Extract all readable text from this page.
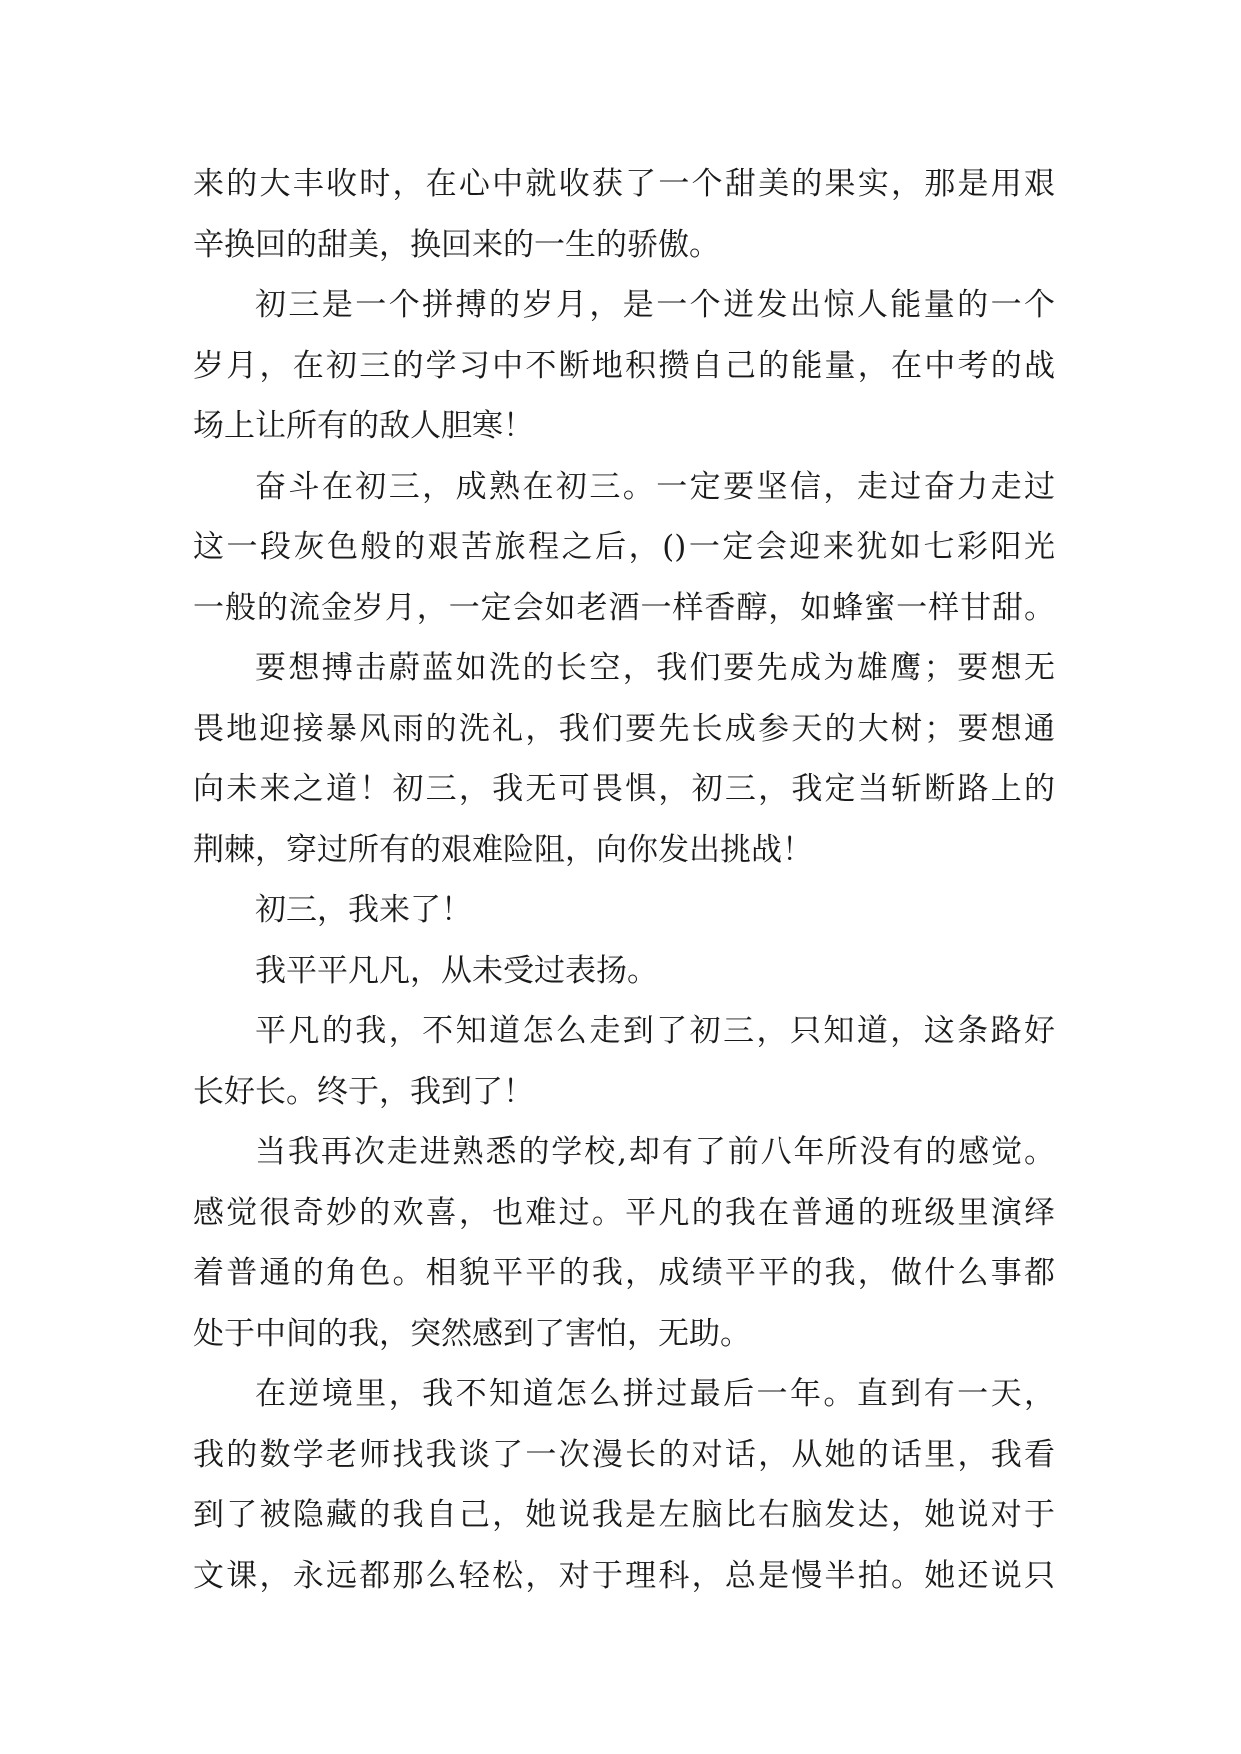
来的大丰收时，在心中就收获了一个甜美的果实，那是用艰
辛换回的甜美，换回来的一生的骄傲。
初三是一个拼搏的岁月，是一个迸发出惊人能量的一个
岁月，在初三的学习中不断地积攒自己的能量，在中考的战
场上让所有的敌人胆寒！
奋斗在初三，成熟在初三。一定要坚信，走过奋力走过
这一段灰色般的艰苦旅程之后，()一定会迎来犹如七彩阳光
一般的流金岁月，一定会如老酒一样香醇，如蜂蜜一样甘甜。
要想搏击蔚蓝如洗的长空，我们要先成为雄鹰；要想无
畏地迎接暴风雨的洗礼，我们要先长成参天的大树；要想通
向未来之道！初三，我无可畏惧，初三，我定当斩断路上的
荆棘，穿过所有的艰难险阻，向你发出挑战！
初三，我来了！
我平平凡凡，从未受过表扬。
平凡的我，不知道怎么走到了初三，只知道，这条路好
长好长。终于，我到了！
当我再次走进熟悉的学校,却有了前八年所没有的感觉。
感觉很奇妙的欢喜，也难过。平凡的我在普通的班级里演绎
着普通的角色。相貌平平的我，成绩平平的我，做什么事都
处于中间的我，突然感到了害怕，无助。
在逆境里，我不知道怎么拼过最后一年。直到有一天，
我的数学老师找我谈了一次漫长的对话，从她的话里，我看
到了被隐藏的我自己，她说我是左脑比右脑发达，她说对于
文课，永远都那么轻松，对于理科，总是慢半拍。她还说只
